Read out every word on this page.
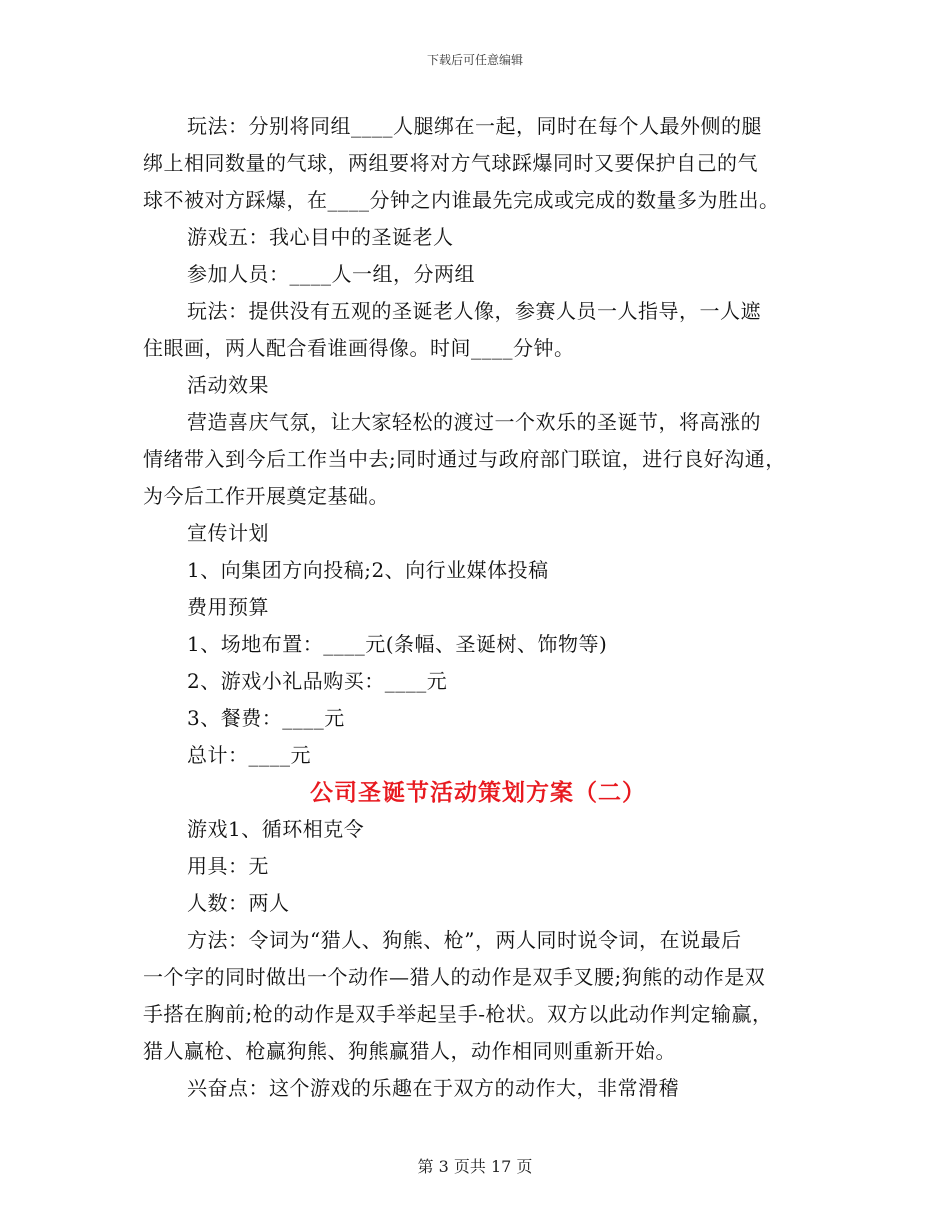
下载后可任意编辑
玩法：分别将同组____人腿绑在一起，同时在每个人最外侧的腿
绑上相同数量的气球，两组要将对方气球踩爆同时又要保护自己的气
球不被对方踩爆，在____分钟之内谁最先完成或完成的数量多为胜出。
游戏五：我心目中的圣诞老人
参加人员：____人一组，分两组
玩法：提供没有五观的圣诞老人像，参赛人员一人指导，一人遮
住眼画，两人配合看谁画得像。时间____分钟。
活动效果
营造喜庆气氛，让大家轻松的渡过一个欢乐的圣诞节，将高涨的
情绪带入到今后工作当中去;同时通过与政府部门联谊，进行良好沟通，
为今后工作开展奠定基础。
宣传计划
1、向集团方向投稿;2、向行业媒体投稿
费用预算
1、场地布置：____元(条幅、圣诞树、饰物等)
2、游戏小礼品购买：____元
3、餐费：____元
总计：____元
公司圣诞节活动策划方案（二）
游戏1、循环相克令
用具：无
人数：两人
方法：令词为“猎人、狗熊、枪”，两人同时说令词，在说最后
一个字的同时做出一个动作—猎人的动作是双手叉腰;狗熊的动作是双
手搭在胸前;枪的动作是双手举起呈手-枪状。双方以此动作判定输赢，
猎人赢枪、枪赢狗熊、狗熊赢猎人，动作相同则重新开始。
兴奋点：这个游戏的乐趣在于双方的动作大，非常滑稽
第 3 页共 17 页
